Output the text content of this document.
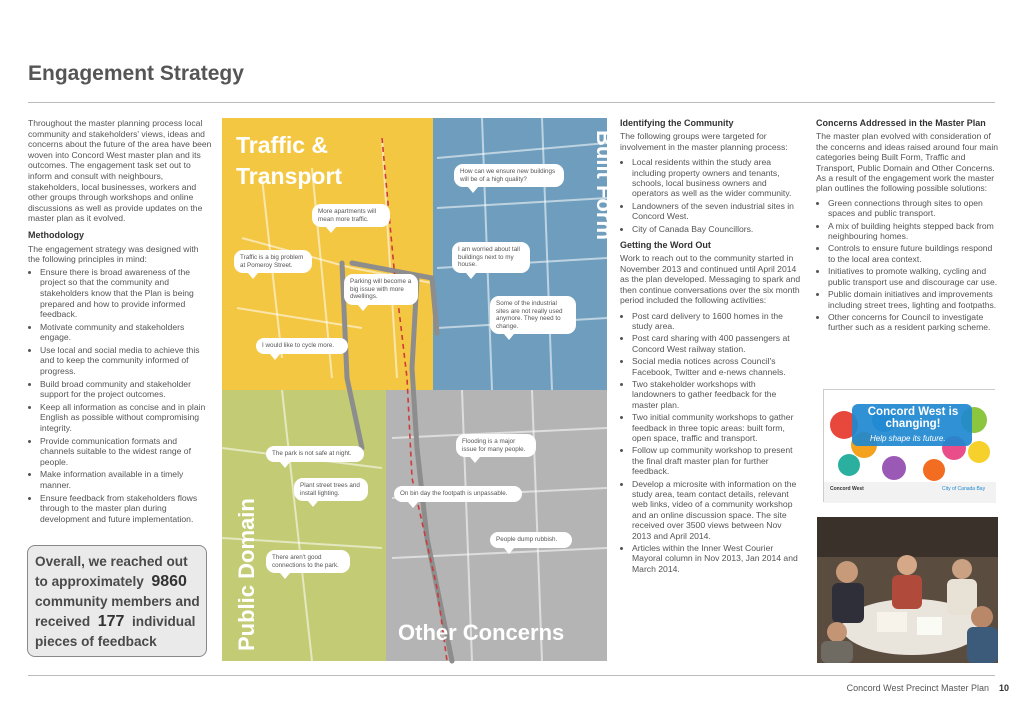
Engagement Strategy

Throughout the master planning process local community and stakeholders' views, ideas and concerns about the future of the area have been woven into Concord West master plan and its outcomes. The engagement task set out to inform and consult with neighbours, stakeholders, local businesses, workers and other groups through workshops and online discussions as well as provide updates on the master plan as it evolved.

Methodology

The engagement strategy was designed with the following principles in mind:

• Ensure there is broad awareness of the project so that the community and stakeholders know that the Plan is being prepared and how to provide informed feedback.
• Motivate community and stakeholders engage.
• Use local and social media to achieve this and to keep the community informed of progress.
• Build broad community and stakeholder support for the project outcomes.
• Keep all information as concise and in plain English as possible without compromising integrity.
• Provide communication formats and channels suitable to the widest range of people.
• Make information available in a timely manner.
• Ensure feedback from stakeholders flows through to the master plan during development and future implementation.
Overall, we reached out
to approximately 9860
community members and
received 177 individual
pieces of feedback
Traffic & Transport	Built Form
Public Domain	Other Concerns
How can we ensure new buildings will be of a high quality?
More apartments will mean more traffic.
Traffic is a big problem at Pomeroy Street.
I am worried about tall buildings next to my house.
Parking will become a big issue with more dwellings.
Some of the industrial sites are not really used anymore. They need to change.
I would like to cycle more.
Flooding is a major issue for many people.
The park is not safe at night.
Plant street trees and install lighting.	On bin day the footpath is unpassable.
People dump rubbish.
There aren't good connections to the park.
Identifying the Community

The following groups were targeted for involvement in the master planning process:

• Local residents within the study area including property owners and tenants, schools, local business owners and operators as well as the wider community.
• Landowners of the seven industrial sites in Concord West.
• City of Canada Bay Councillors.
Getting the Word Out

Work to reach out to the community started in November 2013 and continued until April 2014 as the plan developed. Messaging to spark and then continue conversations over the six month period included the following activities:

• Post card delivery to 1600 homes in the study area.
• Post card sharing with 400 passengers at Concord West railway station.
• Social media notices across Council's Facebook, Twitter and e-news channels.
• Two stakeholder workshops with landowners to gather feedback for the master plan.
• Two initial community workshops to gather feedback in three topic areas: built form, open space, traffic and transport.
• Follow up community workshop to present the final draft master plan for further feedback.
• Develop a microsite with information on the study area, team contact details, relevant web links, video of a community workshop and an online discussion space. The site received over 3500 views between Nov 2013 and April 2014.
• Articles within the Inner West Courier Mayoral column in Nov 2013, Jan 2014 and March 2014.
Concerns Addressed in the Master Plan

The master plan evolved with consideration of the concerns and ideas raised around four main categories being Built Form, Traffic and Transport, Public Domain and Other Concerns. As a result of the engagement work the master plan outlines the following possible solutions:

• Green connections through sites to open spaces and public transport.
• A mix of building heights stepped back from neighbouring homes.
• Controls to ensure future buildings respond to the local area context.
• Initiatives to promote walking, cycling and public transport use and discourage car use.
• Public domain initiatives and improvements including street trees, lighting and footpaths.
• Other concerns for Council to investigate further such as a resident parking scheme.
Concord West is changing!
Help shape its future.
Concord West	City of Canada Bay
Concord West Precinct Master Plan 10
